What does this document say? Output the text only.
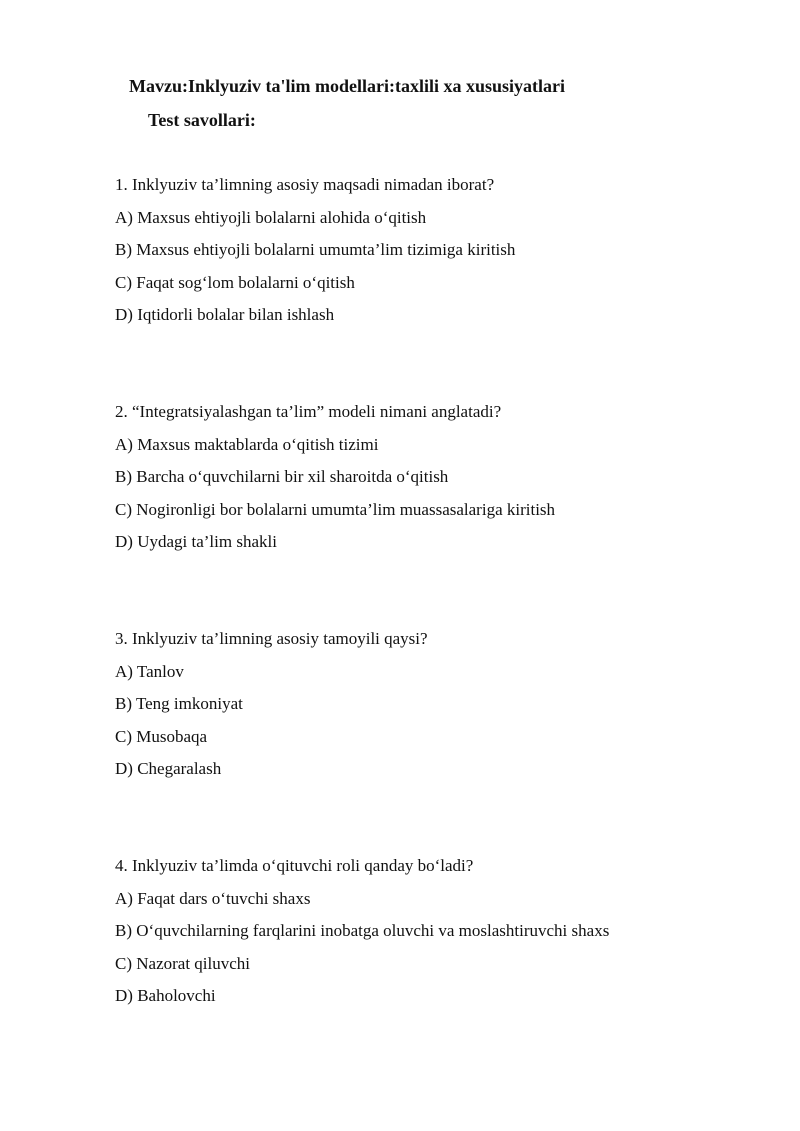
Mavzu:Inklyuziv ta'lim modellari:taxlili xa xususiyatlari
Test savollari:
1. Inklyuziv ta’limning asosiy maqsadi nimadan iborat?
A) Maxsus ehtiyojli bolalarni alohida o‘qitish
B) Maxsus ehtiyojli bolalarni umumta’lim tizimiga kiritish
C) Faqat sog‘lom bolalarni o‘qitish
D) Iqtidorli bolalar bilan ishlash
2. “Integratsiyalashgan ta’lim” modeli nimani anglatadi?
A) Maxsus maktablarda o‘qitish tizimi
B) Barcha o‘quvchilarni bir xil sharoitda o‘qitish
C) Nogironligi bor bolalarni umumta’lim muassasalariga kiritish
D) Uydagi ta’lim shakli
3. Inklyuziv ta’limning asosiy tamoyili qaysi?
A) Tanlov
B) Teng imkoniyat
C) Musobaqa
D) Chegaralash
4. Inklyuziv ta’limda o‘qituvchi roli qanday bo‘ladi?
A) Faqat dars o‘tuvchi shaxs
B) O‘quvchilarning farqlarini inobatga oluvchi va moslashtiruvchi shaxs
C) Nazorat qiluvchi
D) Baholovchi
